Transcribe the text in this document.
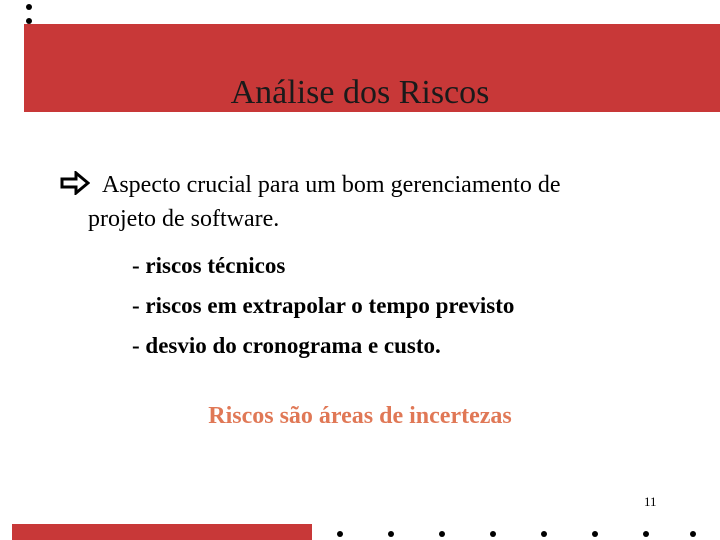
Análise dos Riscos
Aspecto crucial para um bom gerenciamento de
projeto de software.
- riscos técnicos
- riscos em extrapolar o tempo previsto
- desvio do cronograma e custo.
Riscos são áreas de incertezas
11
